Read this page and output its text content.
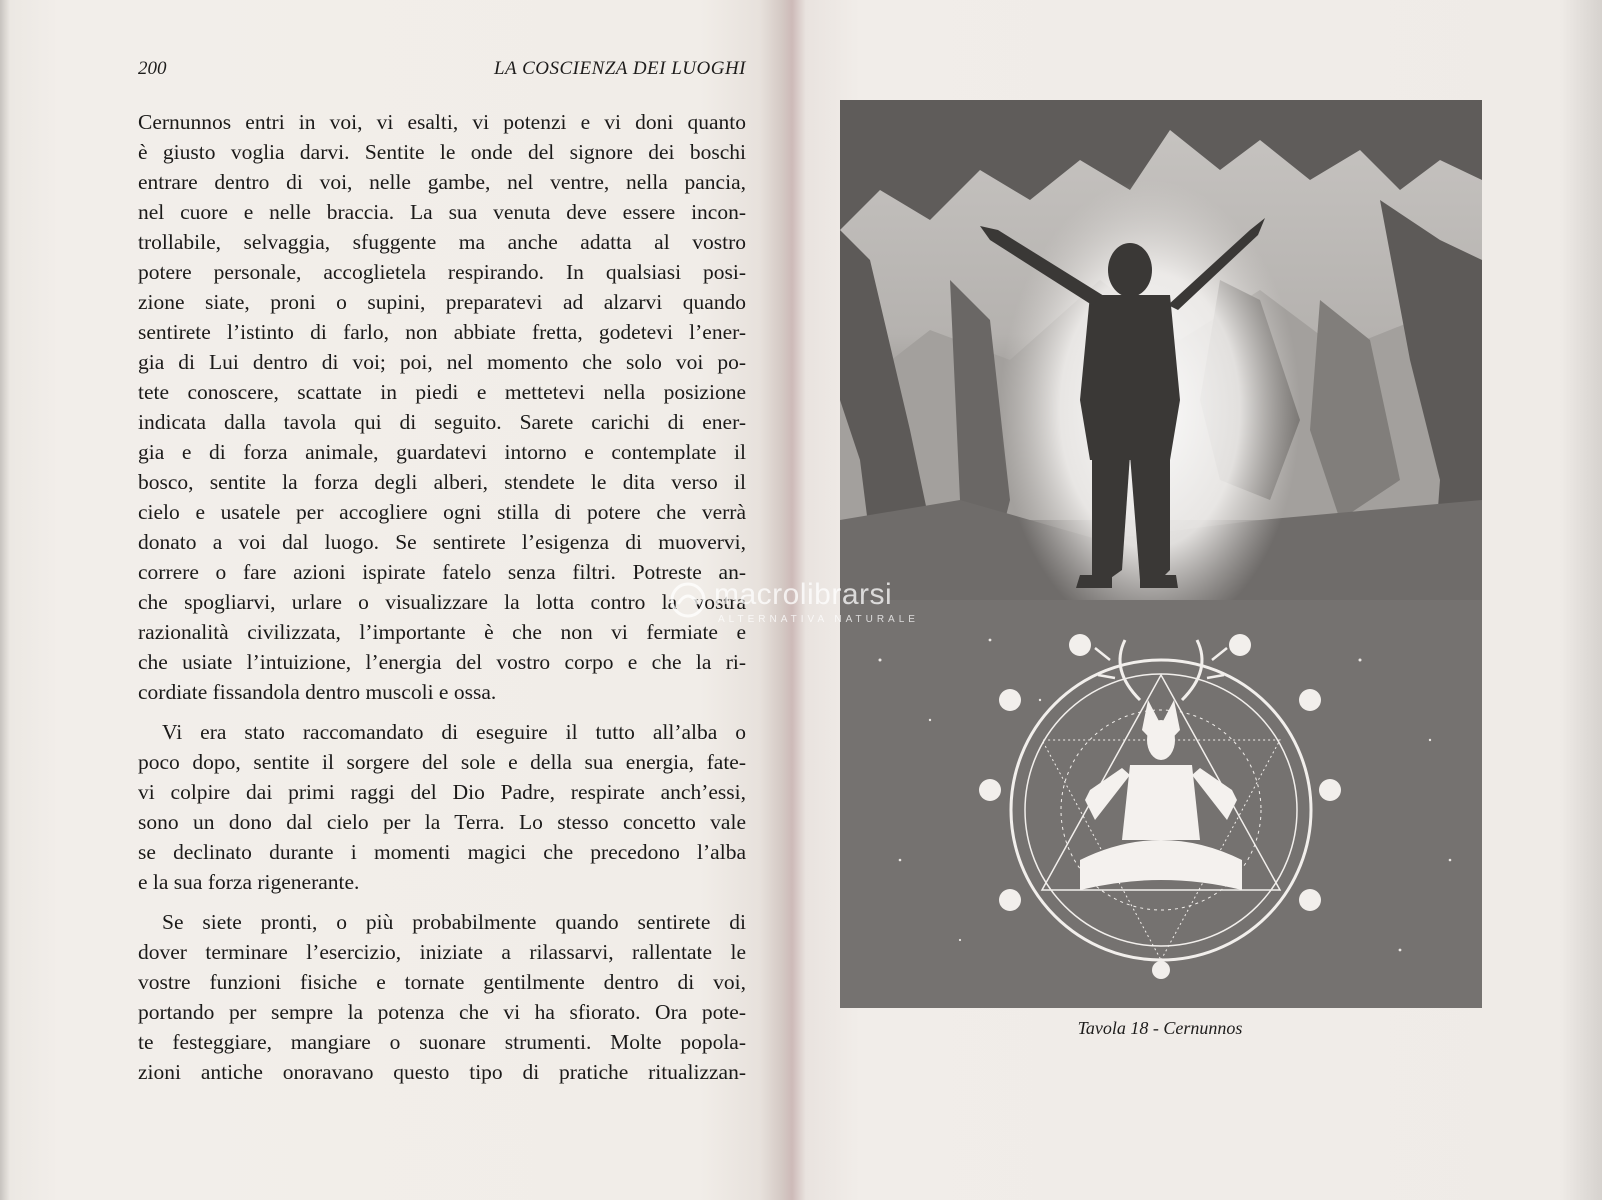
200	LA COSCIENZA DEI LUOGHI
Cernunnos entri in voi, vi esalti, vi potenzi e vi doni quanto
è giusto voglia darvi. Sentite le onde del signore dei boschi
entrare dentro di voi, nelle gambe, nel ventre, nella pancia,
nel cuore e nelle braccia. La sua venuta deve essere incon-
trollabile, selvaggia, sfuggente ma anche adatta al vostro
potere personale, accoglietela respirando. In qualsiasi posi-
zione siate, proni o supini, preparatevi ad alzarvi quando
sentirete l’istinto di farlo, non abbiate fretta, godetevi l’ener-
gia di Lui dentro di voi; poi, nel momento che solo voi po-
tete conoscere, scattate in piedi e mettetevi nella posizione
indicata dalla tavola qui di seguito. Sarete carichi di ener-
gia e di forza animale, guardatevi intorno e contemplate il
bosco, sentite la forza degli alberi, stendete le dita verso il
cielo e usatele per accogliere ogni stilla di potere che verrà
donato a voi dal luogo. Se sentirete l’esigenza di muovervi,
correre o fare azioni ispirate fatelo senza filtri. Potreste an-
che spogliarvi, urlare o visualizzare la lotta contro la vostra
razionalità civilizzata, l’importante è che non vi fermiate e
che usiate l’intuizione, l’energia del vostro corpo e che la ri-
cordiate fissandola dentro muscoli e ossa.
Vi era stato raccomandato di eseguire il tutto all’alba o
poco dopo, sentite il sorgere del sole e della sua energia, fate-
vi colpire dai primi raggi del Dio Padre, respirate anch’essi,
sono un dono dal cielo per la Terra. Lo stesso concetto vale
se declinato durante i momenti magici che precedono l’alba
e la sua forza rigenerante.
Se siete pronti, o più probabilmente quando sentirete di
dover terminare l’esercizio, iniziate a rilassarvi, rallentate le
vostre funzioni fisiche e tornate gentilmente dentro di voi,
portando per sempre la potenza che vi ha sfiorato. Ora pote-
te festeggiare, mangiare o suonare strumenti. Molte popola-
zioni antiche onoravano questo tipo di pratiche ritualizzan-
Tavola 18 - Cernunnos
macrolibrarsi
ALTERNATIVA NATURALE
